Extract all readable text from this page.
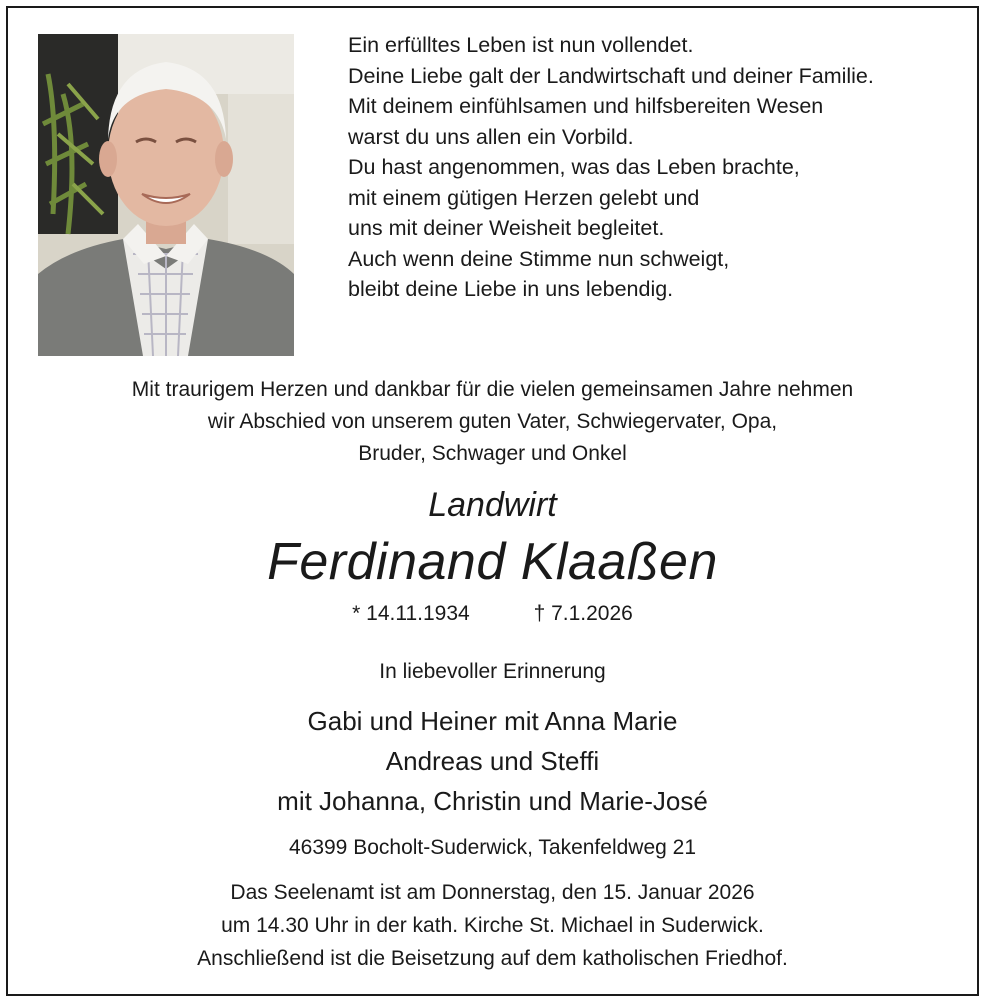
Ein erfülltes Leben ist nun vollendet.
Deine Liebe galt der Landwirtschaft und deiner Familie.
Mit deinem einfühlsamen und hilfsbereiten Wesen
warst du uns allen ein Vorbild.
Du hast angenommen, was das Leben brachte,
mit einem gütigen Herzen gelebt und
uns mit deiner Weisheit begleitet.
Auch wenn deine Stimme nun schweigt,
bleibt deine Liebe in uns lebendig.
Mit traurigem Herzen und dankbar für die vielen gemeinsamen Jahre nehmen
wir Abschied von unserem guten Vater, Schwiegervater, Opa,
Bruder, Schwager und Onkel
Landwirt
Ferdinand Klaaßen
* 14.11.1934	† 7.1.2026
In liebevoller Erinnerung
Gabi und Heiner mit Anna Marie
Andreas und Steffi
mit Johanna, Christin und Marie-José
46399 Bocholt-Suderwick, Takenfeldweg 21
Das Seelenamt ist am Donnerstag, den 15. Januar 2026
um 14.30 Uhr in der kath. Kirche St. Michael in Suderwick.
Anschließend ist die Beisetzung auf dem katholischen Friedhof.
